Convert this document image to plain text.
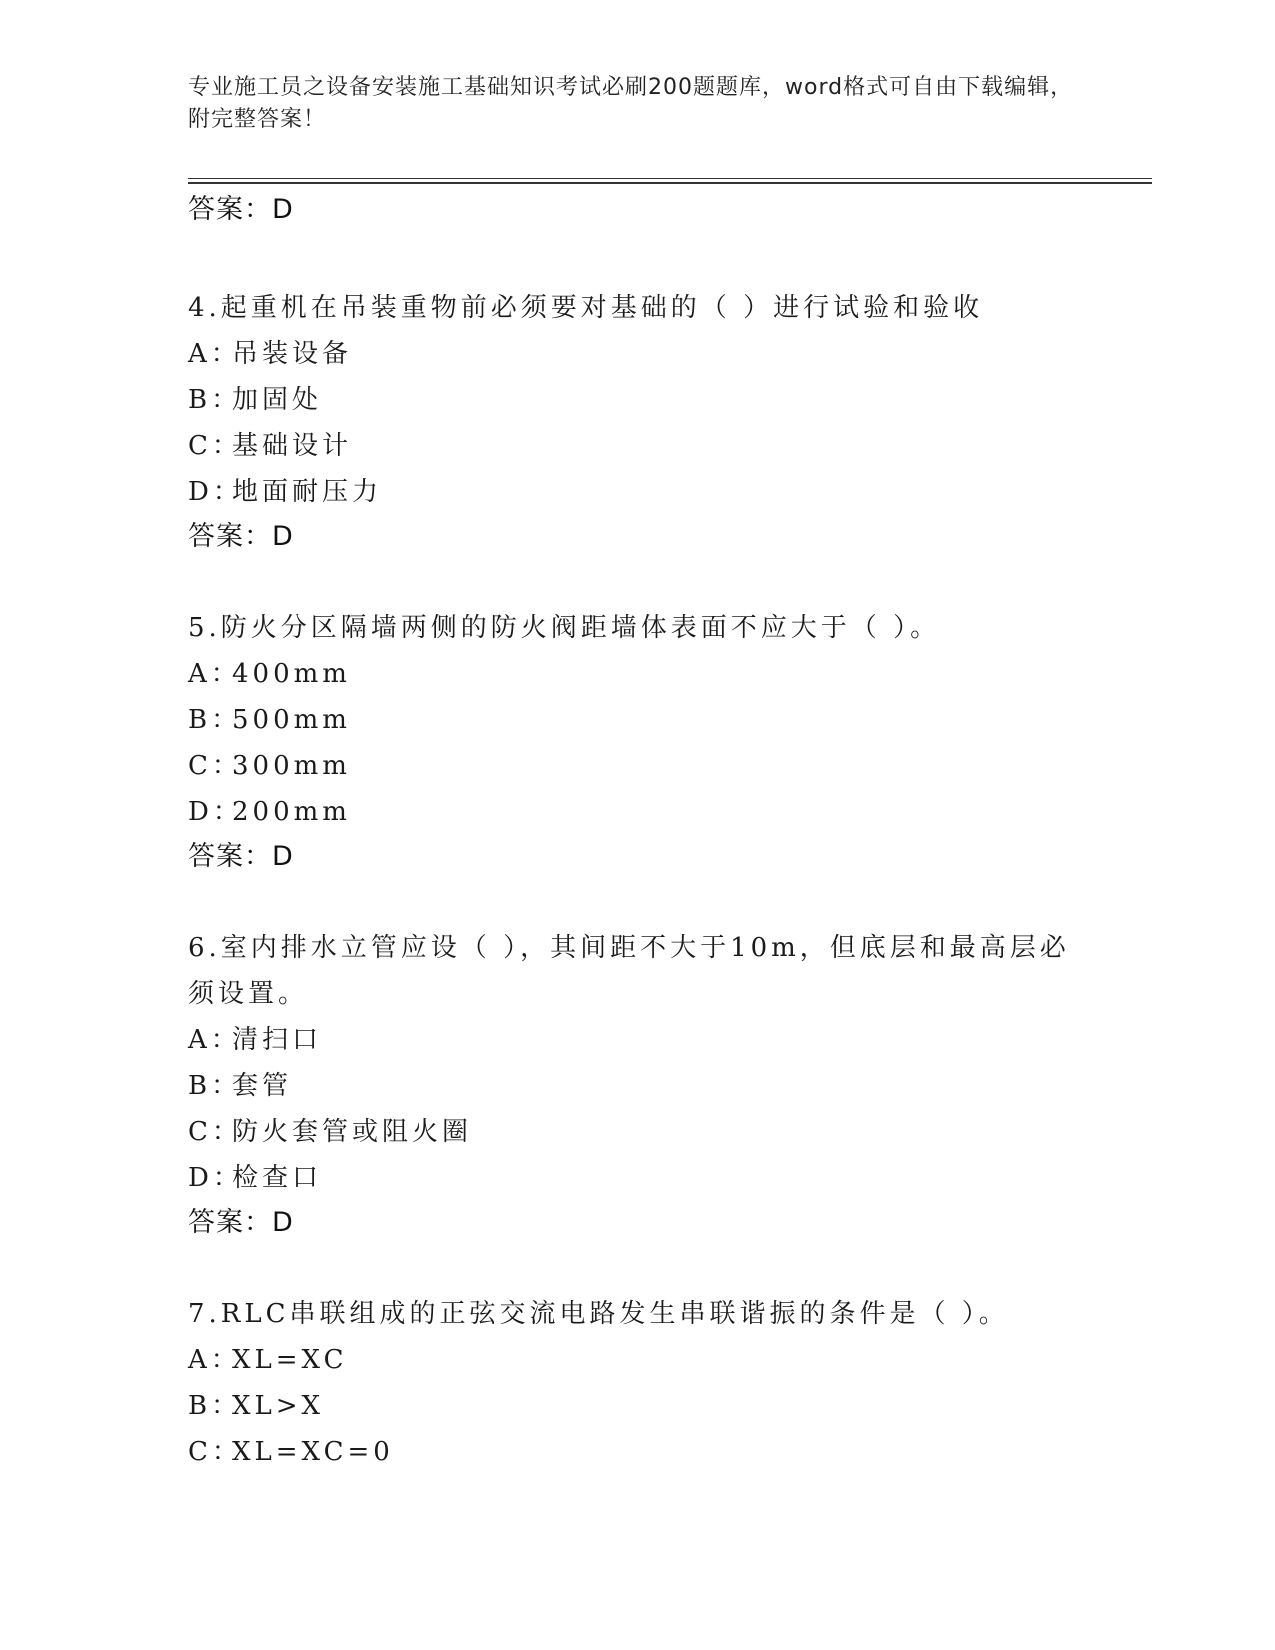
专业施工员之设备安装施工基础知识考试必刷200题题库，word格式可自由下载编辑，附完整答案！
答案：D
4.起重机在吊装重物前必须要对基础的（ ）进行试验和验收
A：吊装设备
B：加固处
C：基础设计
D：地面耐压力
答案：D
5.防火分区隔墙两侧的防火阀距墙体表面不应大于（ ）。
A：400mm
B：500mm
C：300mm
D：200mm
答案：D
6.室内排水立管应设（ ），其间距不大于10m，但底层和最高层必须设置。
A：清扫口
B：套管
C：防火套管或阻火圈
D：检查口
答案：D
7.RLC串联组成的正弦交流电路发生串联谐振的条件是（ ）。
A：XL=XC
B：XL>X
C：XL=XC=0
